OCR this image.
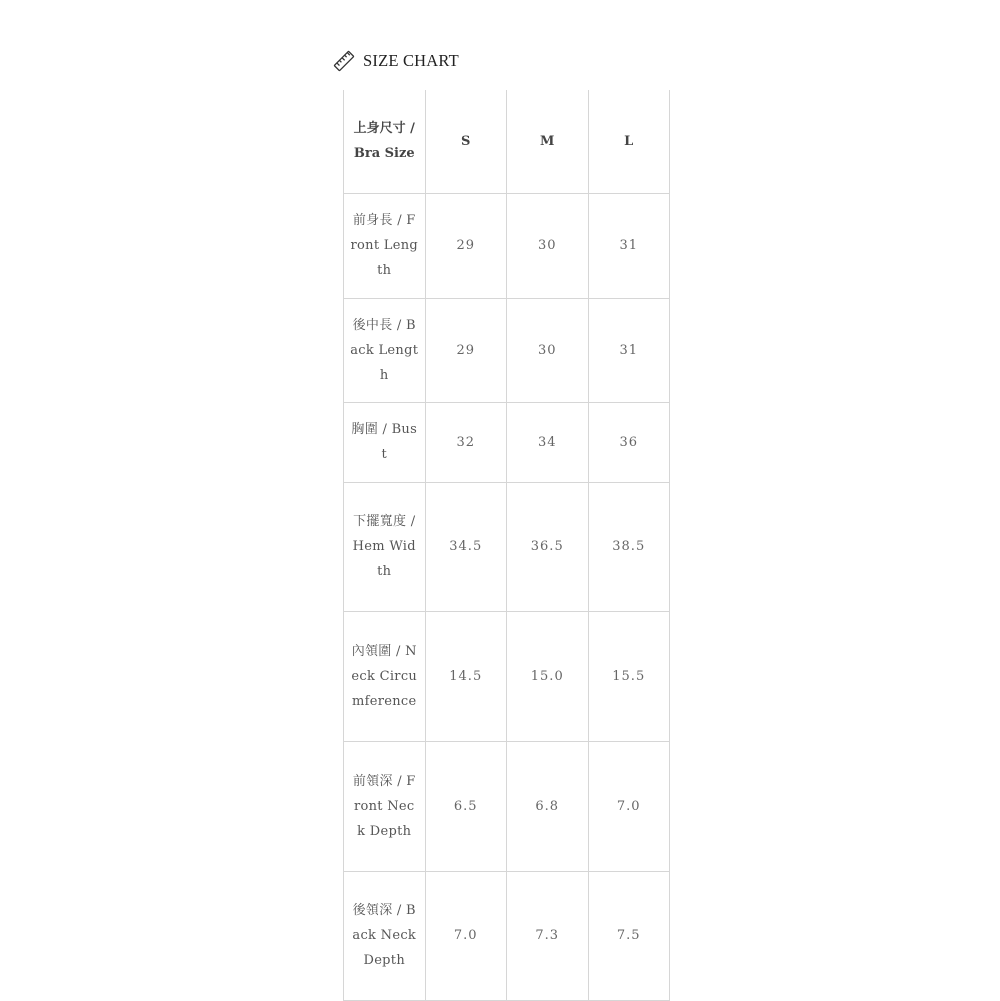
SIZE CHART
上身尺寸 / Bra Size	S	M	L
前身長 / Front Length	29	30	31
後中長 / Back Length	29	30	31
胸圍 / Bust	32	34	36
下擺寬度 / Hem Width	34.5	36.5	38.5
內領圍 / Neck Circumference	14.5	15.0	15.5
前領深 / Front Neck Depth	6.5	6.8	7.0
後領深 / Back Neck Depth	7.0	7.3	7.5
